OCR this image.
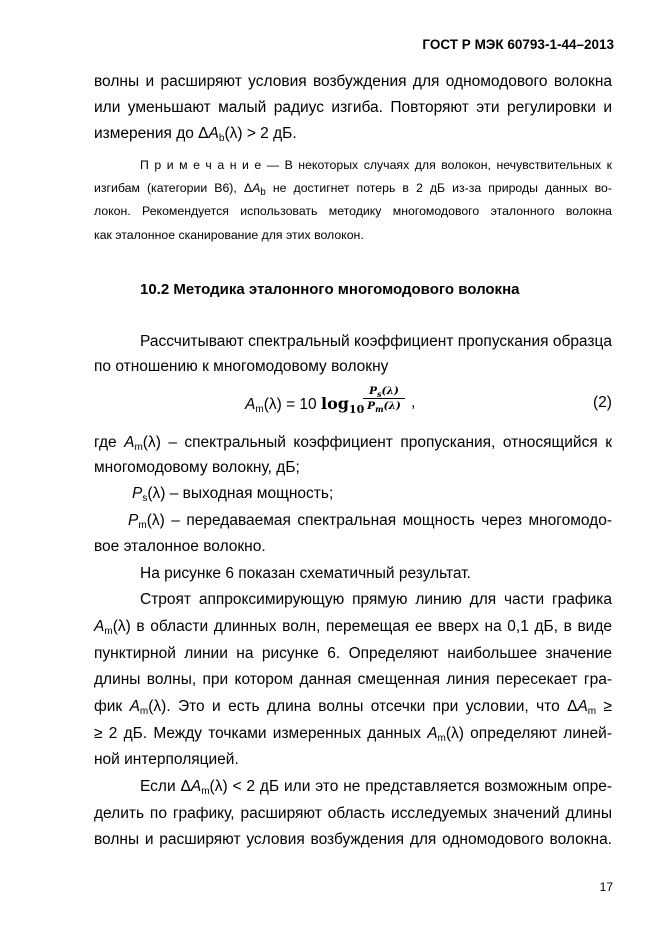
ГОСТ Р МЭК 60793-1-44–2013
волны и расширяют условия возбуждения для одномодового волокна
или уменьшают малый радиус изгиба. Повторяют эти регулировки и
измерения до $\Delta A_b(\lambda) > 2$ дБ.
П р и м е ч а н и е — В некоторых случаях для волокон, нечувствительных к
изгибам (категории В6), $\Delta A_b$ не достигнет потерь в 2 дБ из-за природы данных во-
локон. Рекомендуется использовать методику многомодового эталонного волокна
как эталонное сканирование для этих волокон.
10.2 Методика эталонного многомодового волокна
Рассчитывают спектральный коэффициент пропускания образца
по отношению к многомодовому волокну
$A_m(\lambda) = 10$ $\log_{10}$
$\frac{P_s(\lambda)}{P_m(\lambda)}$ ,	(2)
где $A_m(\lambda)$ – спектральный коэффициент пропускания, относящийся к
многомодовому волокну, дБ;
$P_s(\lambda)$ – выходная мощность;
$P_m(\lambda)$ – передаваемая спектральная мощность через многомодо-
вое эталонное волокно.
На рисунке 6 показан схематичный результат.
Строят аппроксимирующую прямую линию для части графика
$A_m(\lambda)$ в области длинных волн, перемещая ее вверх на 0,1 дБ, в виде
пунктирной линии на рисунке 6. Определяют наибольшее значение
длины волны, при котором данная смещенная линия пересекает гра-
фик $A_m(\lambda)$. Это и есть длина волны отсечки при условии, что $\Delta A_m$ ≥
≥ 2 дБ. Между точками измеренных данных $A_m(\lambda)$ определяют линей-
ной интерполяцией.
Если $\Delta A_m(\lambda) < 2$ дБ или это не представляется возможным опре-
делить по графику, расширяют область исследуемых значений длины
волны и расширяют условия возбуждения для одномодового волокна.
17
